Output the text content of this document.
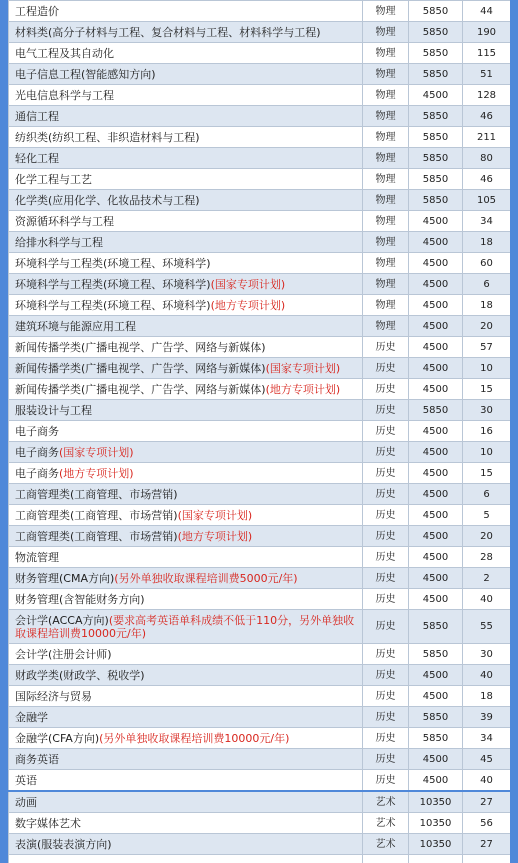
工程造价	物理	5850	44
材料类(高分子材料与工程、复合材料与工程、材料科学与工程)	物理	5850	190
电气工程及其自动化	物理	5850	115
电子信息工程(智能感知方向)	物理	5850	51
光电信息科学与工程	物理	4500	128
通信工程	物理	5850	46
纺织类(纺织工程、非织造材料与工程)	物理	5850	211
轻化工程	物理	5850	80
化学工程与工艺	物理	5850	46
化学类(应用化学、化妆品技术与工程)	物理	5850	105
资源循环科学与工程	物理	4500	34
给排水科学与工程	物理	4500	18
环境科学与工程类(环境工程、环境科学)	物理	4500	60
环境科学与工程类(环境工程、环境科学)(国家专项计划)	物理	4500	6
环境科学与工程类(环境工程、环境科学)(地方专项计划)	物理	4500	18
建筑环境与能源应用工程	物理	4500	20
新闻传播学类(广播电视学、广告学、网络与新媒体)	历史	4500	57
新闻传播学类(广播电视学、广告学、网络与新媒体)(国家专项计划)	历史	4500	10
新闻传播学类(广播电视学、广告学、网络与新媒体)(地方专项计划)	历史	4500	15
服装设计与工程	历史	5850	30
电子商务	历史	4500	16
电子商务(国家专项计划)	历史	4500	10
电子商务(地方专项计划)	历史	4500	15
工商管理类(工商管理、市场营销)	历史	4500	6
工商管理类(工商管理、市场营销)(国家专项计划)	历史	4500	5
工商管理类(工商管理、市场营销)(地方专项计划)	历史	4500	20
物流管理	历史	4500	28
财务管理(CMA方向)(另外单独收取课程培训费5000元/年)	历史	4500	2
财务管理(含智能财务方向)	历史	4500	40
会计学(ACCA方向)(要求高考英语单科成绩不低于110分，另外单独收取课程培训费10000元/年)	历史	5850	55
会计学(注册会计师)	历史	5850	30
财政学类(财政学、税收学)	历史	4500	40
国际经济与贸易	历史	4500	18
金融学	历史	5850	39
金融学(CFA方向)(另外单独收取课程培训费10000元/年)	历史	5850	34
商务英语	历史	4500	45
英语	历史	4500	40
动画	艺术	10350	27
数字媒体艺术	艺术	10350	56
表演(服装表演方向)	艺术	10350	27
